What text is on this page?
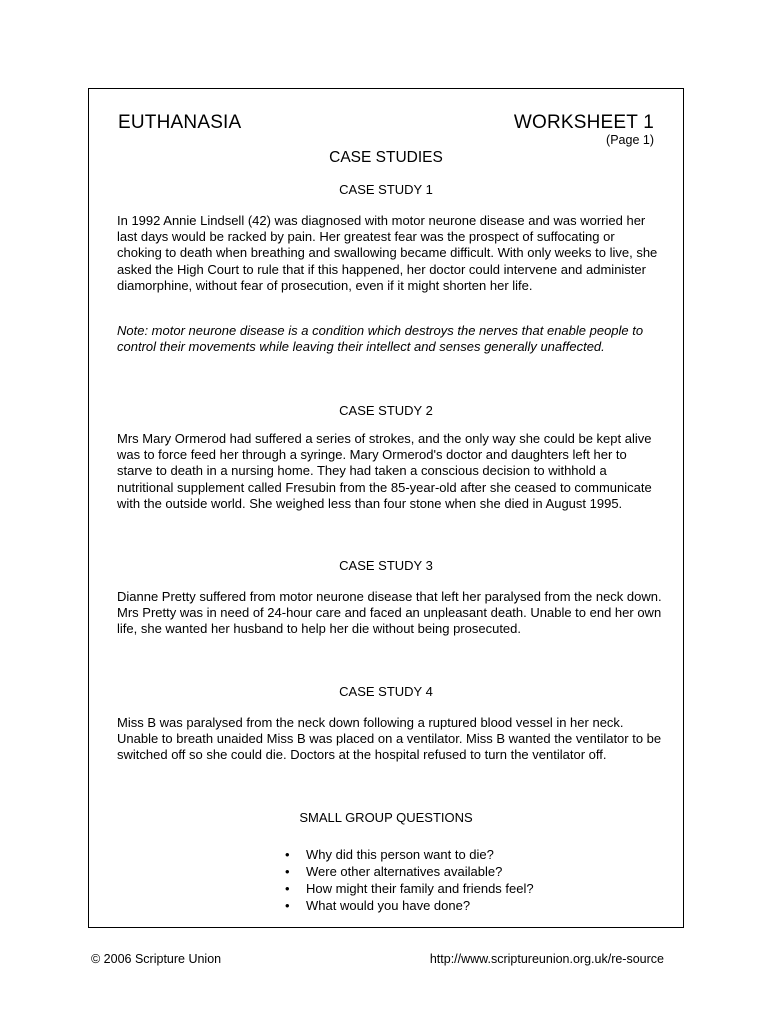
EUTHANASIA	WORKSHEET 1
(Page 1)
CASE STUDIES
CASE STUDY 1
In 1992 Annie Lindsell (42) was diagnosed with motor neurone disease and was worried her last days would be racked by pain. Her greatest fear was the prospect of suffocating or choking to death when breathing and swallowing became difficult. With only weeks to live, she asked the High Court to rule that if this happened, her doctor could intervene and administer diamorphine, without fear of prosecution, even if it might shorten her life.
Note: motor neurone disease is a condition which destroys the nerves that enable people to control their movements while leaving their intellect and senses generally unaffected.
CASE STUDY 2
Mrs Mary Ormerod had suffered a series of strokes, and the only way she could be kept alive was to force feed her through a syringe. Mary Ormerod's doctor and daughters left her to starve to death in a nursing home. They had taken a conscious decision to withhold a nutritional supplement called Fresubin from the 85-year-old after she ceased to communicate with the outside world. She weighed less than four stone when she died in August 1995.
CASE STUDY 3
Dianne Pretty suffered from motor neurone disease that left her paralysed from the neck down. Mrs Pretty was in need of 24-hour care and faced an unpleasant death. Unable to end her own life, she wanted her husband to help her die without being prosecuted.
CASE STUDY 4
Miss B was paralysed from the neck down following a ruptured blood vessel in her neck. Unable to breath unaided Miss B was placed on a ventilator. Miss B wanted the ventilator to be switched off so she could die. Doctors at the hospital refused to turn the ventilator off.
SMALL GROUP QUESTIONS
• Why did this person want to die?
• Were other alternatives available?
• How might their family and friends feel?
• What would you have done?
© 2006 Scripture Union	http://www.scriptureunion.org.uk/re-source
